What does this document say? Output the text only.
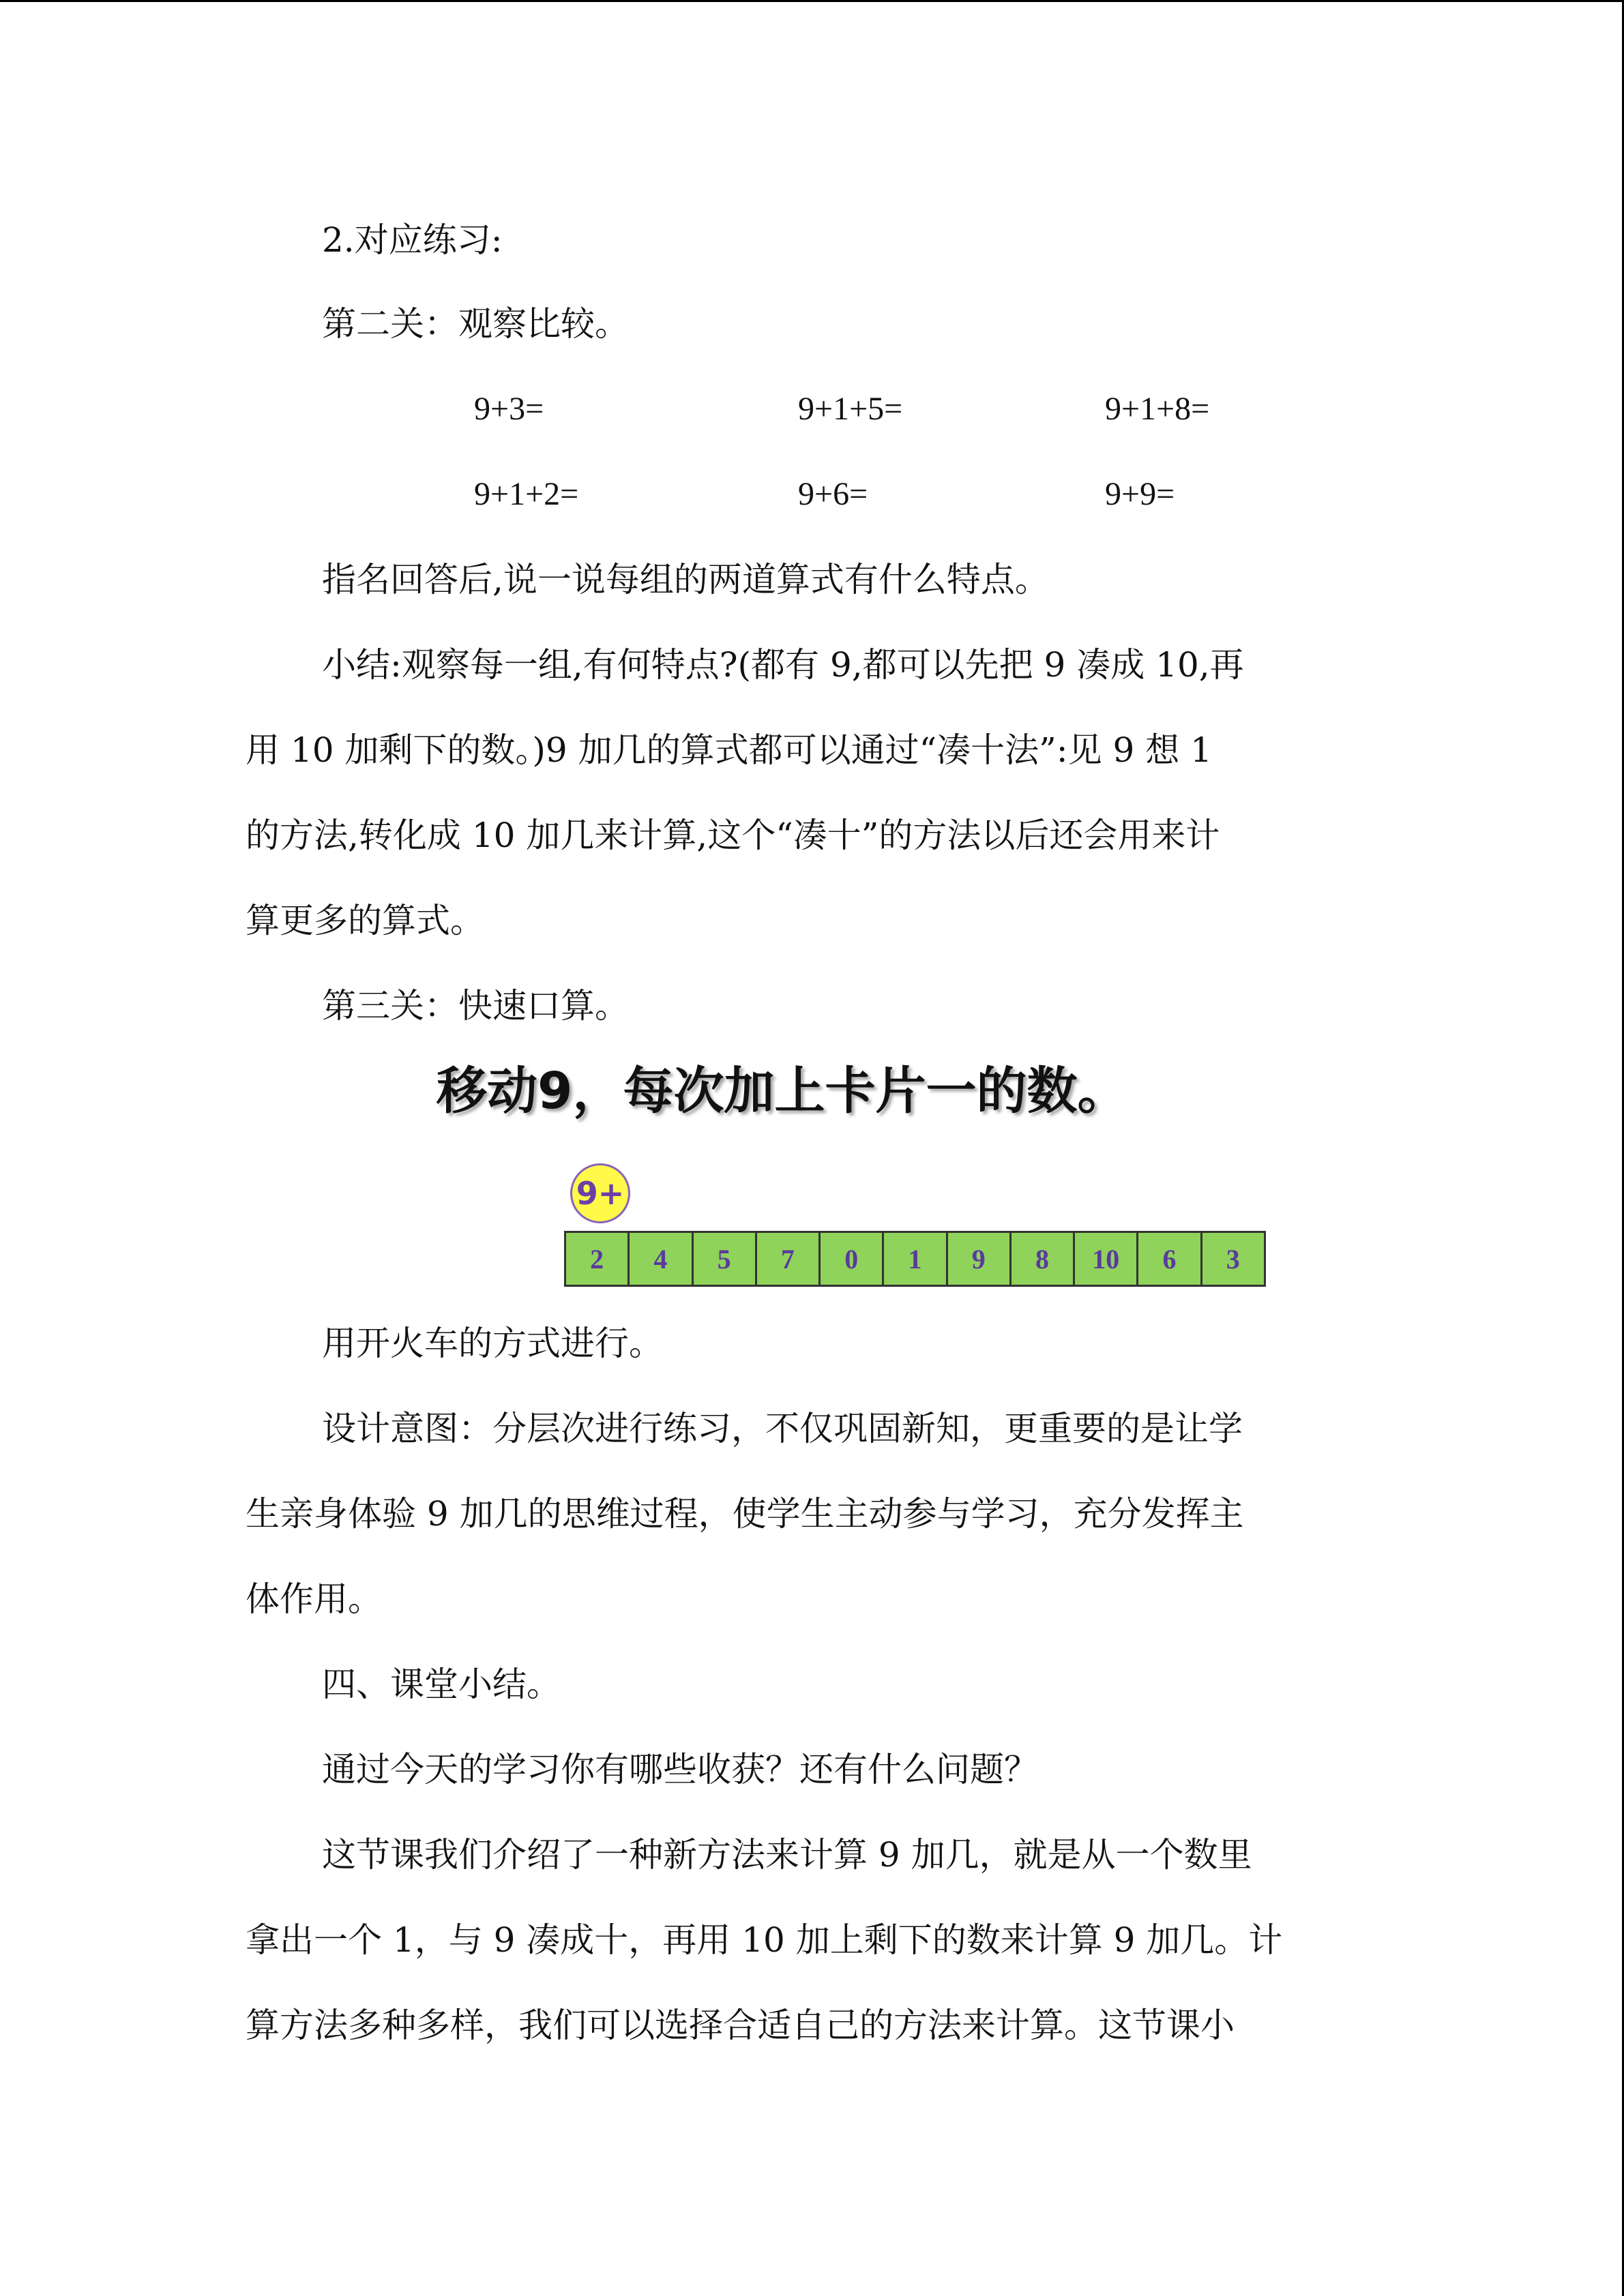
2.对应练习:
第二关：观察比较。
9+3=	9+1+5=	9+1+8=
9+1+2=	9+6=	9+9=
指名回答后,说一说每组的两道算式有什么特点。
小结:观察每一组,有何特点?(都有 9,都可以先把 9 凑成 10,再
用 10 加剩下的数。)9 加几的算式都可以通过“凑十法”:见 9 想 1
的方法,转化成 10 加几来计算,这个“凑十”的方法以后还会用来计
算更多的算式。
第三关：快速口算。
移动9，每次加上卡片一的数。
9+
2	4	5	7	0	1	9	8	10	6	3
用开火车的方式进行。
设计意图：分层次进行练习，不仅巩固新知，更重要的是让学
生亲身体验 9 加几的思维过程，使学生主动参与学习，充分发挥主
体作用。
四、课堂小结。
通过今天的学习你有哪些收获？还有什么问题？
这节课我们介绍了一种新方法来计算 9 加几，就是从一个数里
拿出一个 1，与 9 凑成十，再用 10 加上剩下的数来计算 9 加几。计
算方法多种多样，我们可以选择合适自己的方法来计算。这节课小
